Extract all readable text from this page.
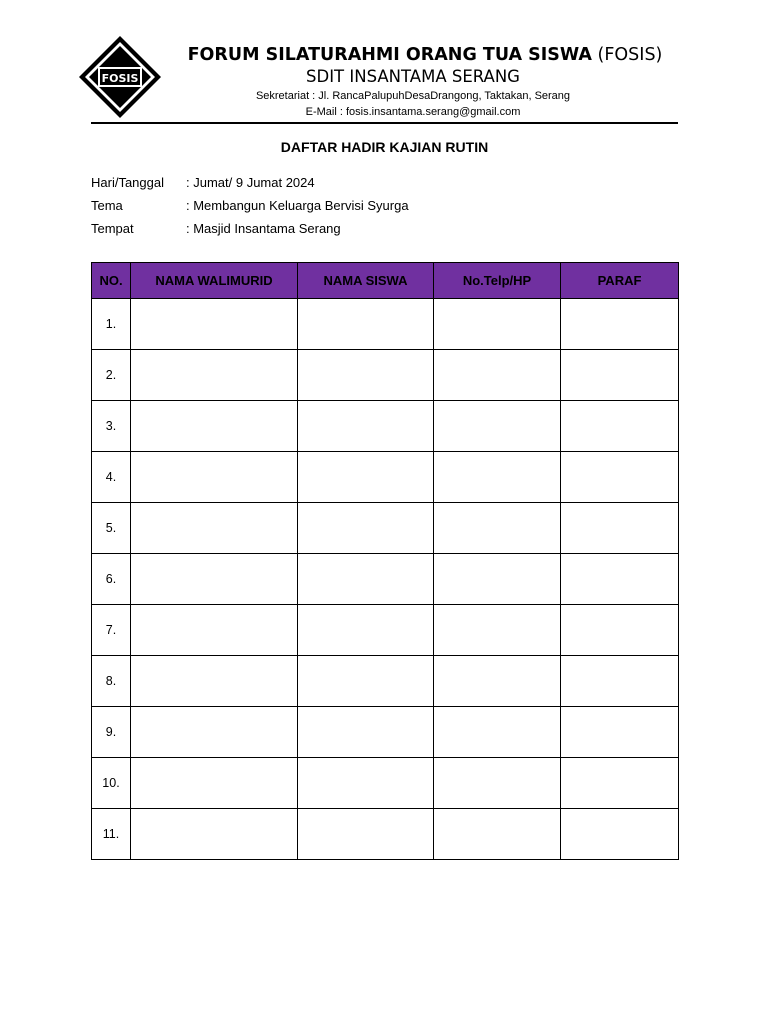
FOSIS
FORUM SILATURAHMI ORANG TUA SISWA (FOSIS)
SDIT INSANTAMA SERANG
Sekretariat : Jl. RancaPalupuhDesaDrangong, Taktakan, Serang
E-Mail : fosis.insantama.serang@gmail.com
DAFTAR HADIR KAJIAN RUTIN
Hari/Tanggal : Jumat/ 9 Jumat 2024
Tema	: Membangun Keluarga Bervisi Syurga
Tempat	: Masjid Insantama Serang
NO.	NAMA WALIMURID	NAMA SISWA	No.Telp/HP	PARAF
1.				
2.				
3.				
4.				
5.				
6.				
7.				
8.				
9.				
10.				
11.				
